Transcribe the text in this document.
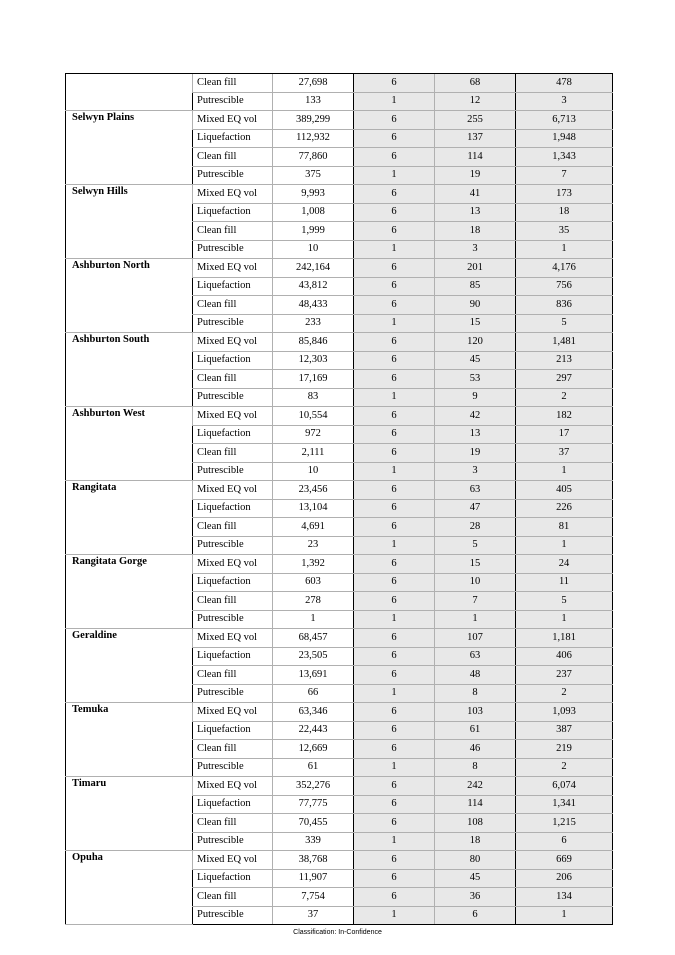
	Clean fill	27,698	6	68	478
	Putrescible	133	1	12	3
Selwyn Plains	Mixed EQ vol	389,299	6	255	6,713
	Liquefaction	112,932	6	137	1,948
	Clean fill	77,860	6	114	1,343
	Putrescible	375	1	19	7
Selwyn Hills	Mixed EQ vol	9,993	6	41	173
	Liquefaction	1,008	6	13	18
	Clean fill	1,999	6	18	35
	Putrescible	10	1	3	1
Ashburton North	Mixed EQ vol	242,164	6	201	4,176
	Liquefaction	43,812	6	85	756
	Clean fill	48,433	6	90	836
	Putrescible	233	1	15	5
Ashburton South	Mixed EQ vol	85,846	6	120	1,481
	Liquefaction	12,303	6	45	213
	Clean fill	17,169	6	53	297
	Putrescible	83	1	9	2
Ashburton West	Mixed EQ vol	10,554	6	42	182
	Liquefaction	972	6	13	17
	Clean fill	2,111	6	19	37
	Putrescible	10	1	3	1
Rangitata	Mixed EQ vol	23,456	6	63	405
	Liquefaction	13,104	6	47	226
	Clean fill	4,691	6	28	81
	Putrescible	23	1	5	1
Rangitata Gorge	Mixed EQ vol	1,392	6	15	24
	Liquefaction	603	6	10	11
	Clean fill	278	6	7	5
	Putrescible	1	1	1	1
Geraldine	Mixed EQ vol	68,457	6	107	1,181
	Liquefaction	23,505	6	63	406
	Clean fill	13,691	6	48	237
	Putrescible	66	1	8	2
Temuka	Mixed EQ vol	63,346	6	103	1,093
	Liquefaction	22,443	6	61	387
	Clean fill	12,669	6	46	219
	Putrescible	61	1	8	2
Timaru	Mixed EQ vol	352,276	6	242	6,074
	Liquefaction	77,775	6	114	1,341
	Clean fill	70,455	6	108	1,215
	Putrescible	339	1	18	6
Opuha	Mixed EQ vol	38,768	6	80	669
	Liquefaction	11,907	6	45	206
	Clean fill	7,754	6	36	134
	Putrescible	37	1	6	1
Classification: In-Confidence
